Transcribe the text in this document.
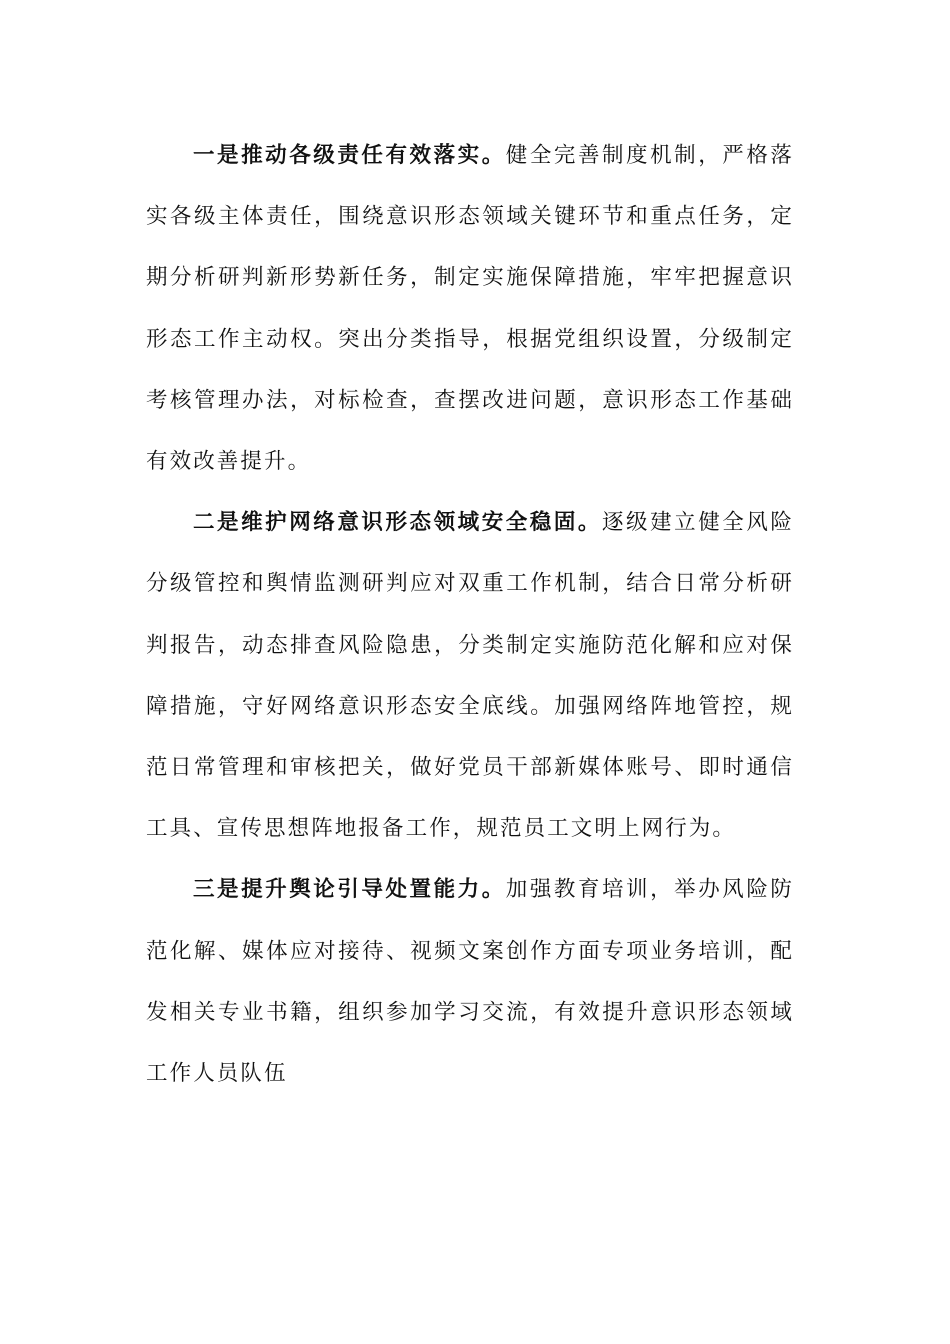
一是推动各级责任有效落实。健全完善制度机制，严格落实各级主体责任，围绕意识形态领域关键环节和重点任务，定期分析研判新形势新任务，制定实施保障措施，牢牢把握意识形态工作主动权。突出分类指导，根据党组织设置，分级制定考核管理办法，对标检查，查摆改进问题，意识形态工作基础有效改善提升。

二是维护网络意识形态领域安全稳固。逐级建立健全风险分级管控和舆情监测研判应对双重工作机制，结合日常分析研判报告，动态排查风险隐患，分类制定实施防范化解和应对保障措施，守好网络意识形态安全底线。加强网络阵地管控，规范日常管理和审核把关，做好党员干部新媒体账号、即时通信工具、宣传思想阵地报备工作，规范员工文明上网行为。

三是提升舆论引导处置能力。加强教育培训，举办风险防范化解、媒体应对接待、视频文案创作方面专项业务培训，配发相关专业书籍，组织参加学习交流，有效提升意识形态领域工作人员队伍
